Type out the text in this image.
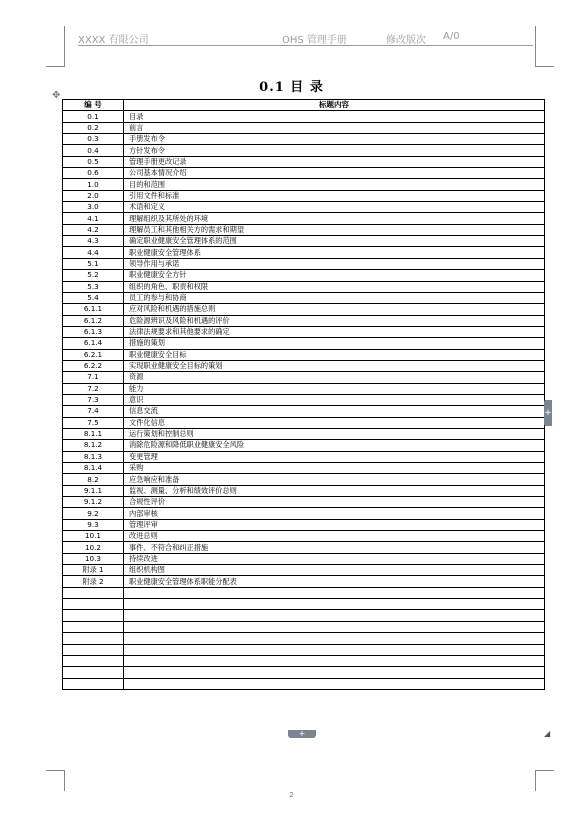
XXXX 有限公司	OHS 管理手册	修改版次 A/0
0.1 目 录
✥
编 号	标题内容
0.1	目录
0.2	前言
0.3	手册发布令
0.4	方针发布令
0.5	管理手册更改记录
0.6	公司基本情况介绍
1.0	目的和范围
2.0	引用文件和标准
3.0	术语和定义
4.1	理解组织及其所处的环境
4.2	理解员工和其他相关方的需求和期望
4.3	确定职业健康安全管理体系的范围
4.4	职业健康安全管理体系
5.1	领导作用与承诺
5.2	职业健康安全方针
5.3	组织的角色、职责和权限
5.4	员工的参与和协商
6.1.1	应对风险和机遇的措施总则
6.1.2	危险源辨识及风险和机遇的评价
6.1.3	法律法规要求和其他要求的确定
6.1.4	措施的策划
6.2.1	职业健康安全目标
6.2.2	实现职业健康安全目标的策划
7.1	资源
7.2	能力
7.3	意识
7.4	信息交流
7.5	文件化信息
8.1.1	运行策划和控制总则
8.1.2	消除危险源和降低职业健康安全风险
8.1.3	变更管理
8.1.4	采购
8.2	应急响应和准备
9.1.1	监视、测量、分析和绩效评价总则
9.1.2	合规性评价
9.2	内部审核
9.3	管理评审
10.1	改进总则
10.2	事件、不符合和纠正措施
10.3	持续改进
附录 1	组织机构图
附录 2	职业健康安全管理体系职能分配表

+
+	◢
2
